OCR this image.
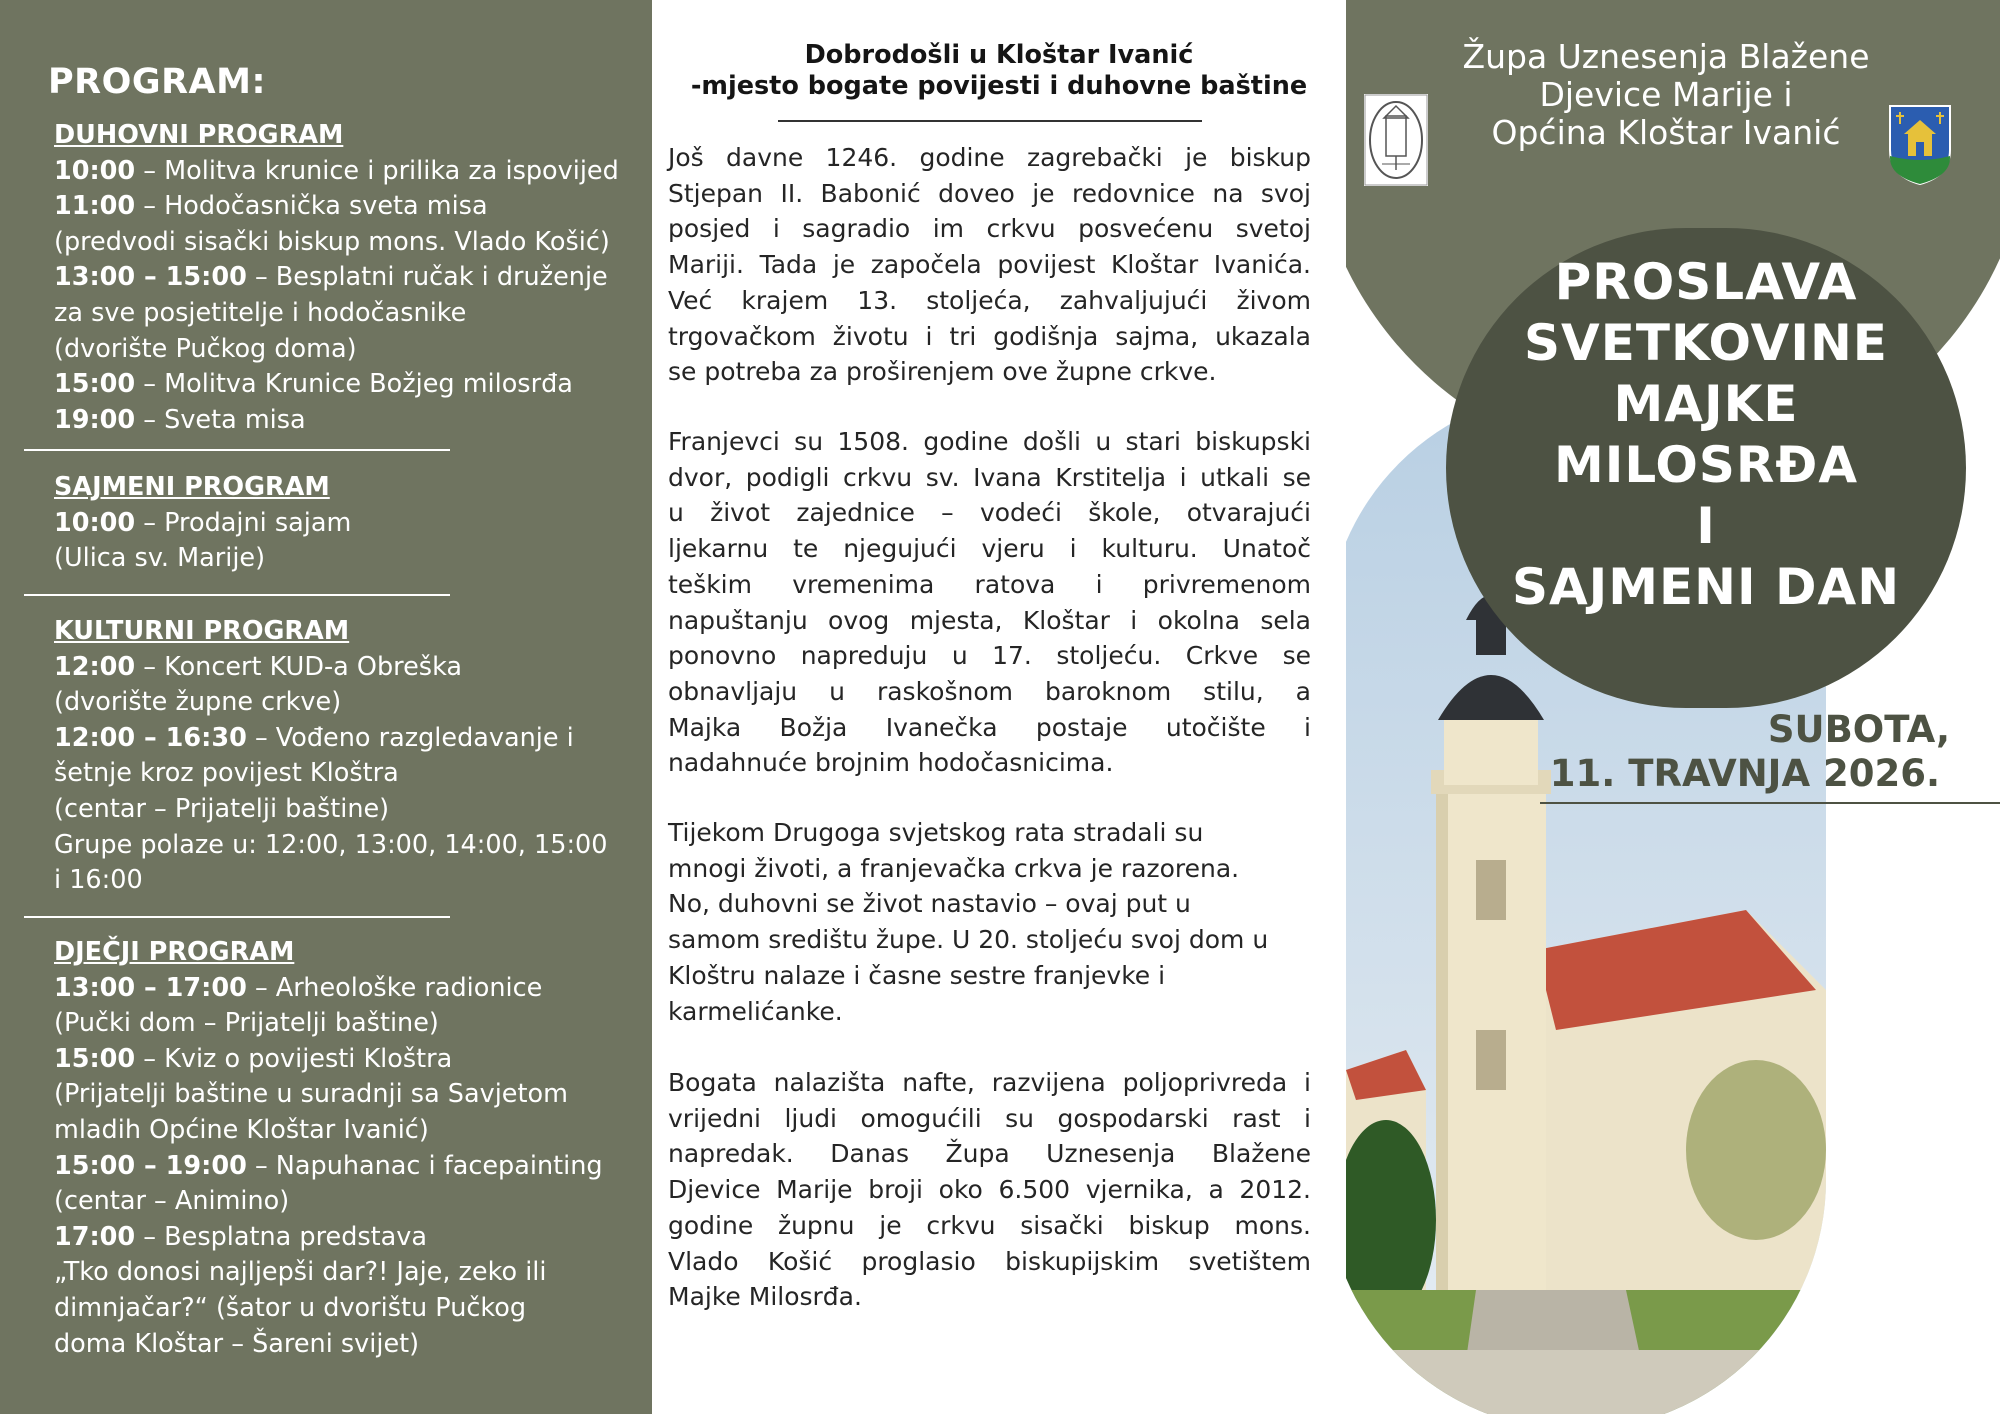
PROGRAM:
DUHOVNI PROGRAM
10:00 – Molitva krunice i prilika za ispovijed
11:00 – Hodočasnička sveta misa
(predvodi sisački biskup mons. Vlado Košić)
13:00 – 15:00 – Besplatni ručak i druženje
za sve posjetitelje i hodočasnike
(dvorište Pučkog doma)
15:00 – Molitva Krunice Božjeg milosrđa
19:00 – Sveta misa
SAJMENI PROGRAM
10:00 – Prodajni sajam
(Ulica sv. Marije)
KULTURNI PROGRAM
12:00 – Koncert KUD-a Obreška
(dvorište župne crkve)
12:00 – 16:30 – Vođeno razgledavanje i
šetnje kroz povijest Kloštra
(centar – Prijatelji baštine)
Grupe polaze u: 12:00, 13:00, 14:00, 15:00
i 16:00
DJEČJI PROGRAM
13:00 – 17:00 – Arheološke radionice
(Pučki dom – Prijatelji baštine)
15:00 – Kviz o povijesti Kloštra
(Prijatelji baštine u suradnji sa Savjetom
mladih Općine Kloštar Ivanić)
15:00 – 19:00 – Napuhanac i facepainting
(centar – Animino)
17:00 – Besplatna predstava
„Tko donosi najljepši dar?! Jaje, zeko ili
dimnjačar?“ (šator u dvorištu Pučkog
doma Kloštar – Šareni svijet)
Dobrodošli u Kloštar Ivanić
-mjesto bogate povijesti i duhovne baštine
Još davne 1246. godine zagrebački je biskup
Stjepan II. Babonić doveo je redovnice na svoj
posjed i sagradio im crkvu posvećenu svetoj
Mariji. Tada je započela povijest Kloštar Ivanića.
Već krajem 13. stoljeća, zahvaljujući živom
trgovačkom životu i tri godišnja sajma, ukazala
se potreba za proširenjem ove župne crkve.
Franjevci su 1508. godine došli u stari biskupski
dvor, podigli crkvu sv. Ivana Krstitelja i utkali se
u život zajednice – vodeći škole, otvarajući
ljekarnu te njegujući vjeru i kulturu. Unatoč
teškim vremenima ratova i privremenom
napuštanju ovog mjesta, Kloštar i okolna sela
ponovno napreduju u 17. stoljeću. Crkve se
obnavljaju u raskošnom baroknom stilu, a
Majka Božja Ivanečka postaje utočište i
nadahnuće brojnim hodočasnicima.
Tijekom Drugoga svjetskog rata stradali su
mnogi životi, a franjevačka crkva je razorena.
No, duhovni se život nastavio – ovaj put u
samom središtu župe. U 20. stoljeću svoj dom u
Kloštru nalaze i časne sestre franjevke i
karmelićanke.
Bogata nalazišta nafte, razvijena poljoprivreda i
vrijedni ljudi omogućili su gospodarski rast i
napredak. Danas Župa Uznesenja Blažene
Djevice Marije broji oko 6.500 vjernika, a 2012.
godine župnu je crkvu sisački biskup mons.
Vlado Košić proglasio biskupijskim svetištem
Majke Milosrđa.
Župa Uznesenja Blažene
Djevice Marije i
Općina Kloštar Ivanić
PROSLAVA
SVETKOVINE
MAJKE
MILOSRĐA
I
SAJMENI DAN
SUBOTA,
11. TRAVNJA 2026.
